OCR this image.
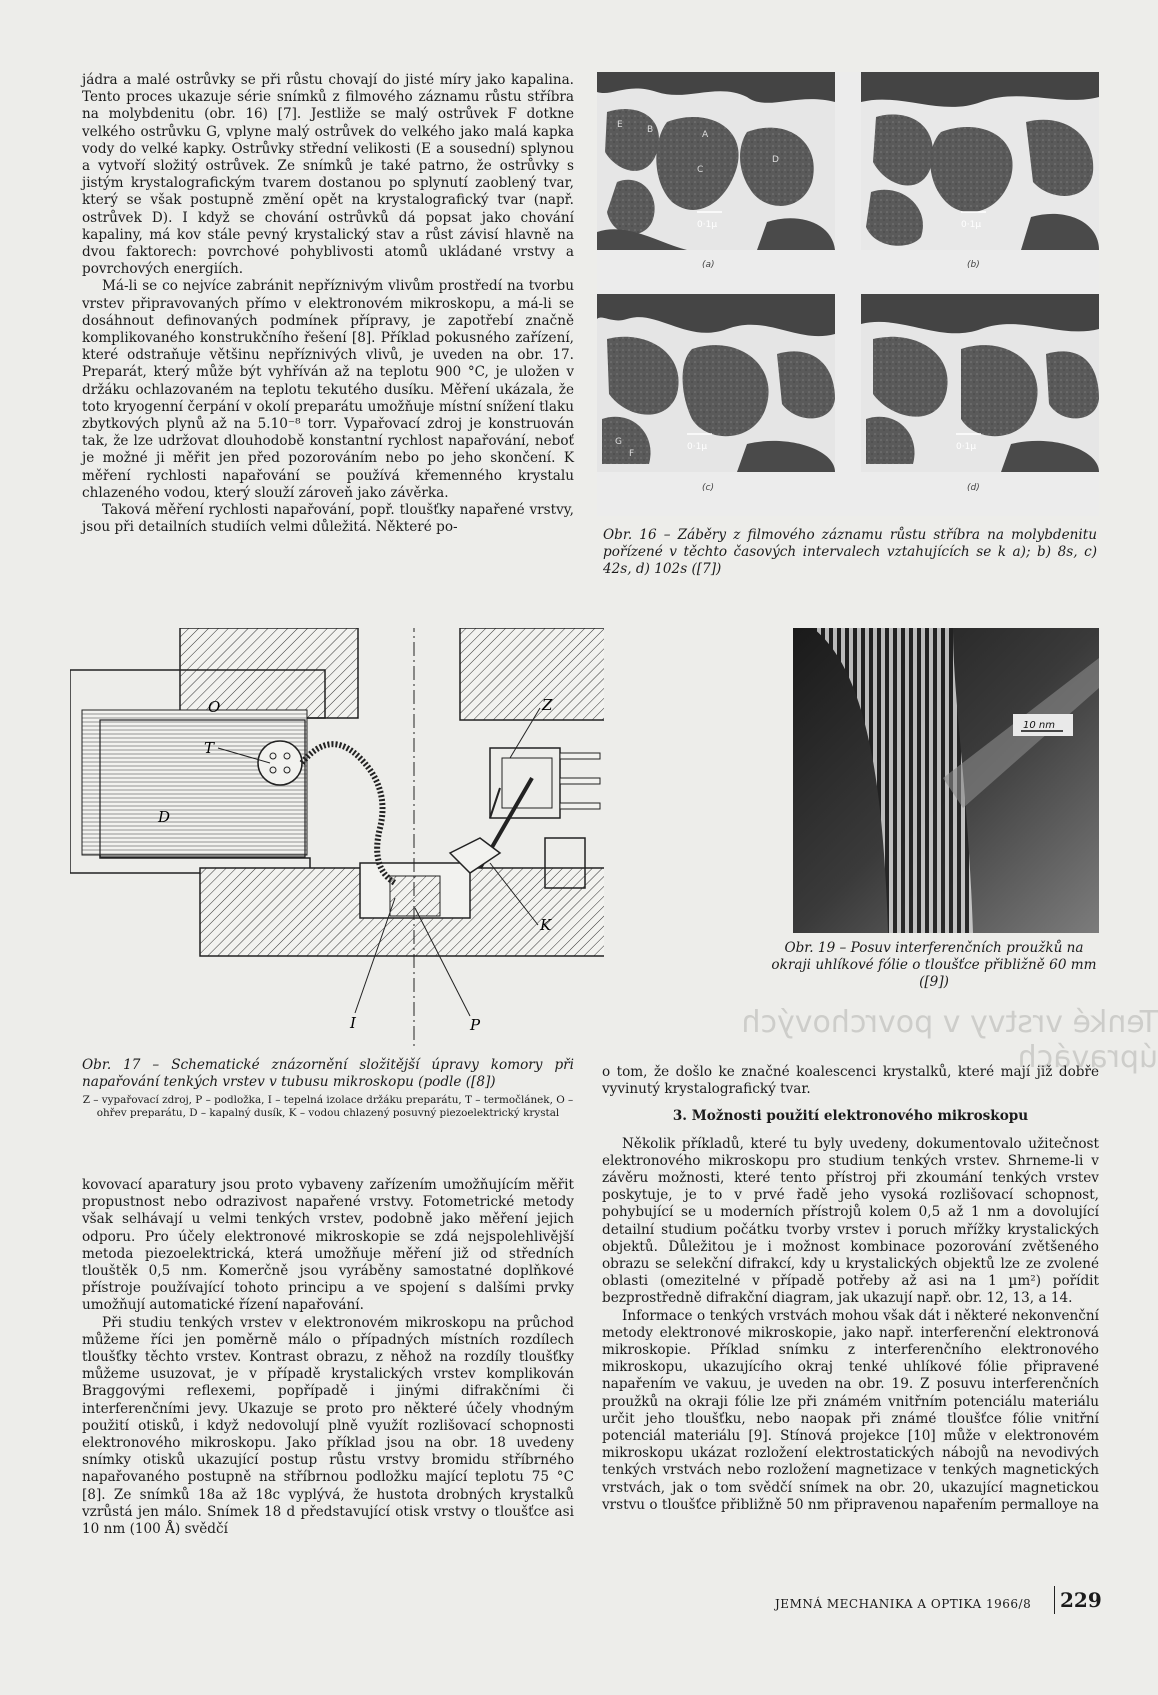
Tenké vrstvy v povrchových úpravách

jádra a malé ostrůvky se při růstu chovají do jisté míry jako kapalina. Tento proces ukazuje série snímků z filmového záznamu růstu stříbra na molybdenitu (obr. 16) [7]. Jestliže se malý ostrůvek F dotkne velkého ostrůvku G, vplyne malý ostrůvek do velkého jako malá kapka vody do velké kapky. Ostrůvky střední velikosti (E a sousední) splynou a vytvoří složitý ostrůvek. Ze snímků je také patrno, že ostrůvky s jistým krystalografickým tvarem dostanou po splynutí zaoblený tvar, který se však postupně změní opět na krystalografický tvar (např. ostrůvek D). I když se chování ostrůvků dá popsat jako chování kapaliny, má kov stále pevný krystalický stav a růst závisí hlavně na dvou faktorech: povrchové pohyblivosti atomů ukládané vrstvy a povrchových energiích.

Má-li se co nejvíce zabránit nepříznivým vlivům prostředí na tvorbu vrstev připravovaných přímo v elektronovém mikroskopu, a má-li se dosáhnout definovaných podmínek přípravy, je zapotřebí značně komplikovaného konstrukčního řešení [8]. Příklad pokusného zařízení, které odstraňuje většinu nepříznivých vlivů, je uveden na obr. 17. Preparát, který může být vyhříván až na teplotu 900 °C, je uložen v držáku ochlazovaném na teplotu tekutého dusíku. Měření ukázala, že toto kryogenní čerpání v okolí preparátu umožňuje místní snížení tlaku zbytkových plynů až na 5.10⁻⁸ torr. Vypařovací zdroj je konstruován tak, že lze udržovat dlouhodobě konstantní rychlost napařování, neboť je možné ji měřit jen před pozorováním nebo po jeho skončení. K měření rychlosti napařování se používá křemenného krystalu chlazeného vodou, který slouží zároveň jako závěrka.

Taková měření rychlosti napařování, popř. tloušťky napařené vrstvy, jsou při detailních studiích velmi důležitá. Některé po-

E	B	A
C
D
0·1µ
(a)
0·1µ
(b)
G
F
0·1µ
(c)
0·1µ
(d)
Obr. 16 – Záběry z filmového záznamu růstu stříbra na molybdenitu pořízené v těchto časových intervalech vztahujících se k a); b) 8s, c) 42s, d) 102s ([7])
O
T
D
Z
K
I	P
10 nm
Obr. 19 – Posuv interferenčních proužků na okraji uhlíkové fólie o tloušťce přibližně 60 mm ([9])
Obr. 17 – Schematické znázornění složitější úpravy komory při napařování tenkých vrstev v tubusu mikroskopu (podle ([8])
Z – vypařovací zdroj, P – podložka, I – tepelná izolace držáku preparátu, T – termočlánek, O – ohřev preparátu, D – kapalný dusík, K – vodou chlazený posuvný piezoelektrický krystal

kovovací aparatury jsou proto vybaveny zařízením umožňujícím měřit propustnost nebo odrazivost napařené vrstvy. Fotometrické metody však selhávají u velmi tenkých vrstev, podobně jako měření jejich odporu. Pro účely elektronové mikroskopie se zdá nejspolehlivější metoda piezoelektrická, která umožňuje měření již od středních tlouštěk 0,5 nm. Komerčně jsou vyráběny samostatné doplňkové přístroje používající tohoto principu a ve spojení s dalšími prvky umožňují automatické řízení napařování.

Při studiu tenkých vrstev v elektronovém mikroskopu na průchod můžeme říci jen poměrně málo o případných místních rozdílech tloušťky těchto vrstev. Kontrast obrazu, z něhož na rozdíly tloušťky můžeme usuzovat, je v případě krystalických vrstev komplikován Braggovými reflexemi, popřípadě i jinými difrakčními či interferenčními jevy. Ukazuje se proto pro některé účely vhodným použití otisků, i když nedovolují plně využít rozlišovací schopnosti elektronového mikroskopu. Jako příklad jsou na obr. 18 uvedeny snímky otisků ukazující postup růstu vrstvy bromidu stříbrného napařovaného postupně na stříbrnou podložku mající teplotu 75 °C [8]. Ze snímků 18a až 18c vyplývá, že hustota drobných krystalků vzrůstá jen málo. Snímek 18 d představující otisk vrstvy o tloušťce asi 10 nm (100 Å) svědčí

o tom, že došlo ke značné koalescenci krystalků, které mají již dobře vyvinutý krystalografický tvar.

3. Možnosti použití elektronového mikroskopu

Několik příkladů, které tu byly uvedeny, dokumentovalo užitečnost elektronového mikroskopu pro studium tenkých vrstev. Shrneme-li v závěru možnosti, které tento přístroj při zkoumání tenkých vrstev poskytuje, je to v prvé řadě jeho vysoká rozlišovací schopnost, pohybující se u moderních přístrojů kolem 0,5 až 1 nm a dovolující detailní studium počátku tvorby vrstev i poruch mřížky krystalických objektů. Důležitou je i možnost kombinace pozorování zvětšeného obrazu se selekční difrakcí, kdy u krystalických objektů lze ze zvolené oblasti (omezitelné v případě potřeby až asi na 1 µm²) pořídit bezprostředně difrakční diagram, jak ukazují např. obr. 12, 13, a 14.

Informace o tenkých vrstvách mohou však dát i některé nekonvenční metody elektronové mikroskopie, jako např. interferenční elektronová mikroskopie. Příklad snímku z interferenčního elektronového mikroskopu, ukazujícího okraj tenké uhlíkové fólie připravené napařením ve vakuu, je uveden na obr. 19. Z posuvu interferenčních proužků na okraji fólie lze při známém vnitřním potenciálu materiálu určit jeho tloušťku, nebo naopak při známé tloušťce fólie vnitřní potenciál materiálu [9]. Stínová projekce [10] může v elektronovém mikroskopu ukázat rozložení elektrostatických nábojů na nevodivých tenkých vrstvách nebo rozložení magnetizace v tenkých magnetických vrstvách, jak o tom svědčí snímek na obr. 20, ukazující magnetickou vrstvu o tloušťce přibližně 50 nm připravenou napařením permalloye na

JEMNÁ MECHANIKA A OPTIKA 1966/8 229
